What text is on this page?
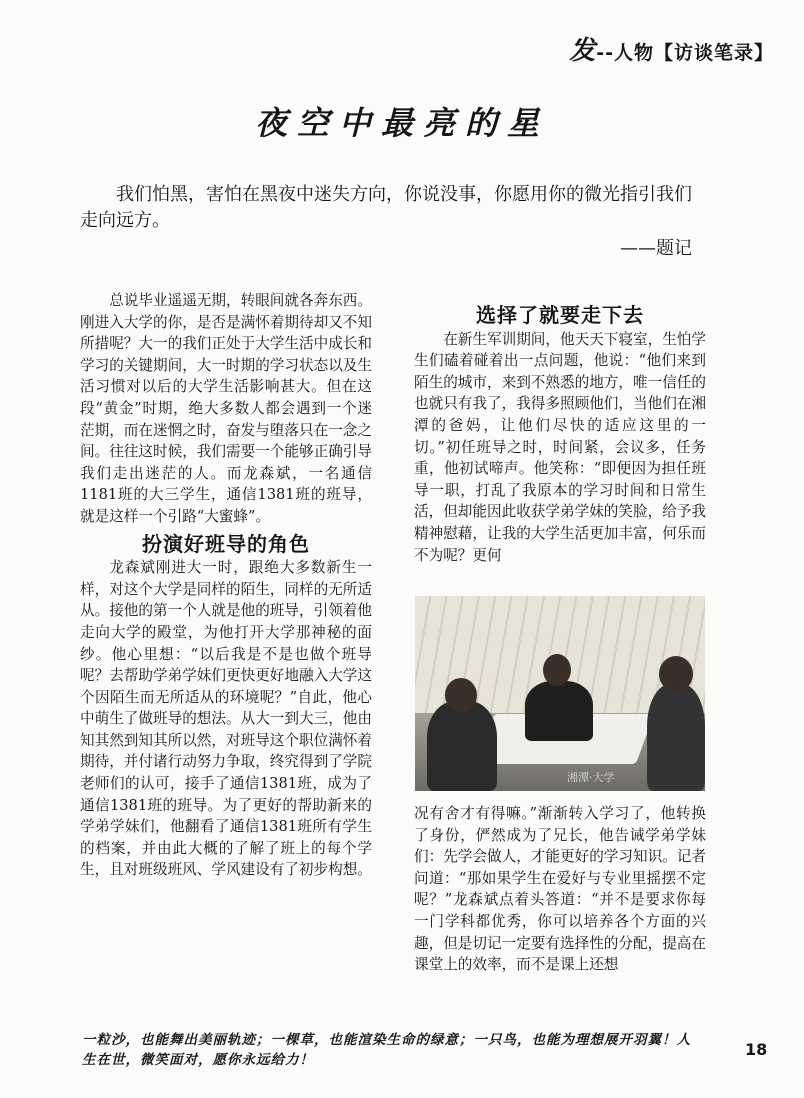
发 --人物【访谈笔录】
夜空中最亮的星
我们怕黑，害怕在黑夜中迷失方向，你说没事，你愿用你的微光指引我们走向远方。
——题记

总说毕业遥遥无期，转眼间就各奔东西。刚进入大学的你，是否是满怀着期待却又不知所措呢？大一的我们正处于大学生活中成长和学习的关键期间，大一时期的学习状态以及生活习惯对以后的大学生活影响甚大。但在这段“黄金”时期，绝大多数人都会遇到一个迷茫期，而在迷惘之时，奋发与堕落只在一念之间。往往这时候，我们需要一个能够正确引导我们走出迷茫的人。而龙森斌，一名通信1181班的大三学生，通信1381班的班导，就是这样一个引路“大蜜蜂”。

扮演好班导的角色

龙森斌刚进大一时，跟绝大多数新生一样，对这个大学是同样的陌生，同样的无所适从。接他的第一个人就是他的班导，引领着他走向大学的殿堂，为他打开大学那神秘的面纱。他心里想：“以后我是不是也做个班导呢？去帮助学弟学妹们更快更好地融入大学这个因陌生而无所适从的环境呢？”自此，他心中萌生了做班导的想法。从大一到大三，他由知其然到知其所以然，对班导这个职位满怀着期待，并付诸行动努力争取，终究得到了学院老师们的认可，接手了通信1381班，成为了通信1381班的班导。为了更好的帮助新来的学弟学妹们，他翻看了通信1381班所有学生的档案，并由此大概的了解了班上的每个学生，且对班级班风、学风建设有了初步构想。

选择了就要走下去

在新生军训期间，他天天下寝室，生怕学生们磕着碰着出一点问题，他说：“他们来到陌生的城市，来到不熟悉的地方，唯一信任的也就只有我了，我得多照顾他们，当他们在湘潭的爸妈，让他们尽快的适应这里的一切。”初任班导之时，时间紧，会议多，任务重，他初试啼声。他笑称：“即便因为担任班导一职，打乱了我原本的学习时间和日常生活，但却能因此收获学弟学妹的笑脸，给予我精神慰藉，让我的大学生活更加丰富，何乐而不为呢？更何

湘潭·大学

况有舍才有得嘛。”渐渐转入学习了，他转换了身份，俨然成为了兄长，他告诫学弟学妹们：先学会做人，才能更好的学习知识。记者问道：“那如果学生在爱好与专业里摇摆不定呢？”龙森斌点着头答道：“并不是要求你每一门学科都优秀，你可以培养各个方面的兴趣，但是切记一定要有选择性的分配，提高在课堂上的效率，而不是课上还想

一粒沙，也能舞出美丽轨迹；一棵草，也能渲染生命的绿意；一只鸟，也能为理想展开羽翼！人生在世，微笑面对，愿你永远给力！
18
